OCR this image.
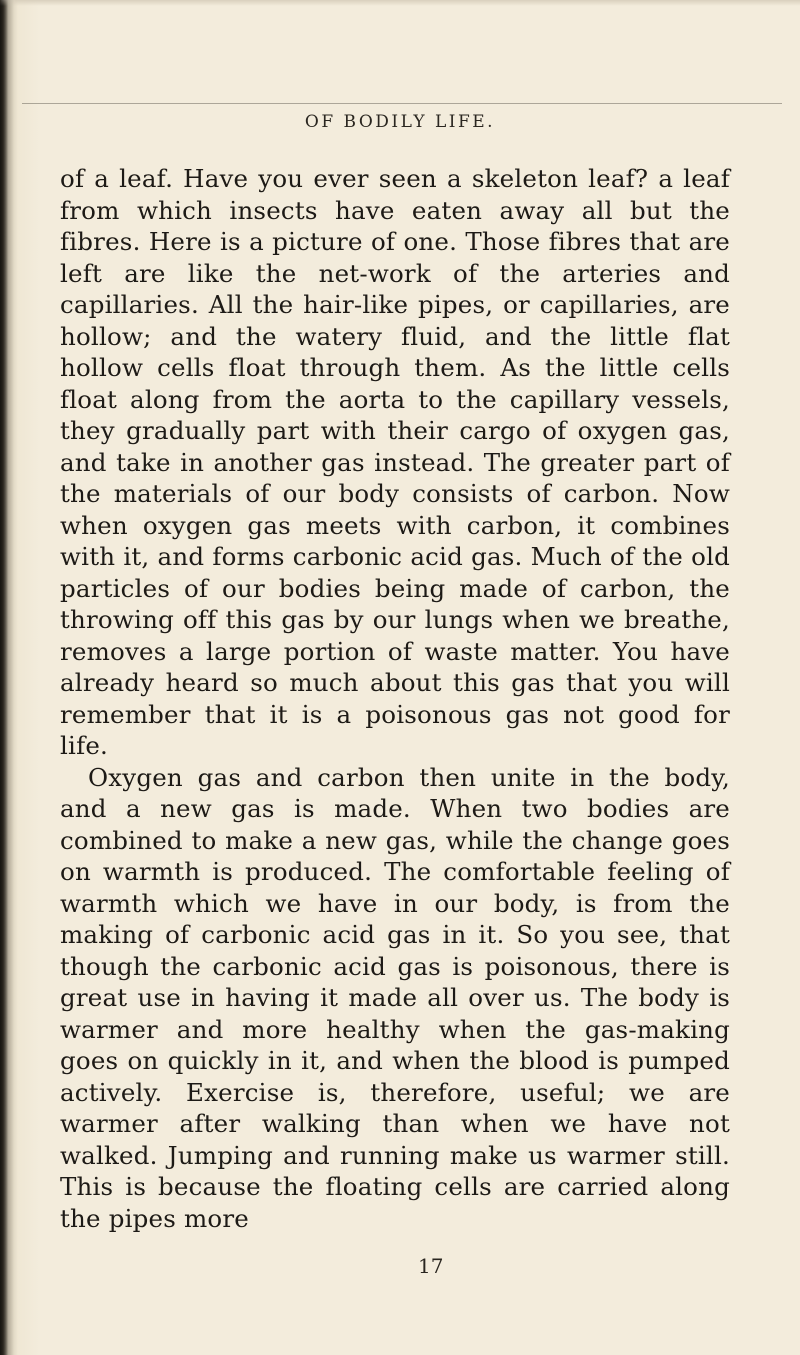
OF BODILY LIFE.

of a leaf. Have you ever seen a skeleton leaf? a leaf from which insects have eaten away all but the fibres. Here is a picture of one. Those fibres that are left are like the net-work of the arteries and capillaries. All the hair-like pipes, or capillaries, are hollow; and the watery fluid, and the little flat hollow cells float through them. As the little cells float along from the aorta to the capillary vessels, they gradually part with their cargo of oxygen gas, and take in another gas instead. The greater part of the materials of our body consists of carbon. Now when oxygen gas meets with carbon, it combines with it, and forms carbonic acid gas. Much of the old particles of our bodies being made of carbon, the throwing off this gas by our lungs when we breathe, removes a large portion of waste matter. You have already heard so much about this gas that you will remember that it is a poisonous gas not good for life.

Oxygen gas and carbon then unite in the body, and a new gas is made. When two bodies are combined to make a new gas, while the change goes on warmth is produced. The comfortable feeling of warmth which we have in our body, is from the making of carbonic acid gas in it. So you see, that though the carbonic acid gas is poisonous, there is great use in having it made all over us. The body is warmer and more healthy when the gas-making goes on quickly in it, and when the blood is pumped actively. Exercise is, therefore, useful; we are warmer after walking than when we have not walked. Jumping and running make us warmer still. This is because the floating cells are carried along the pipes more

17
